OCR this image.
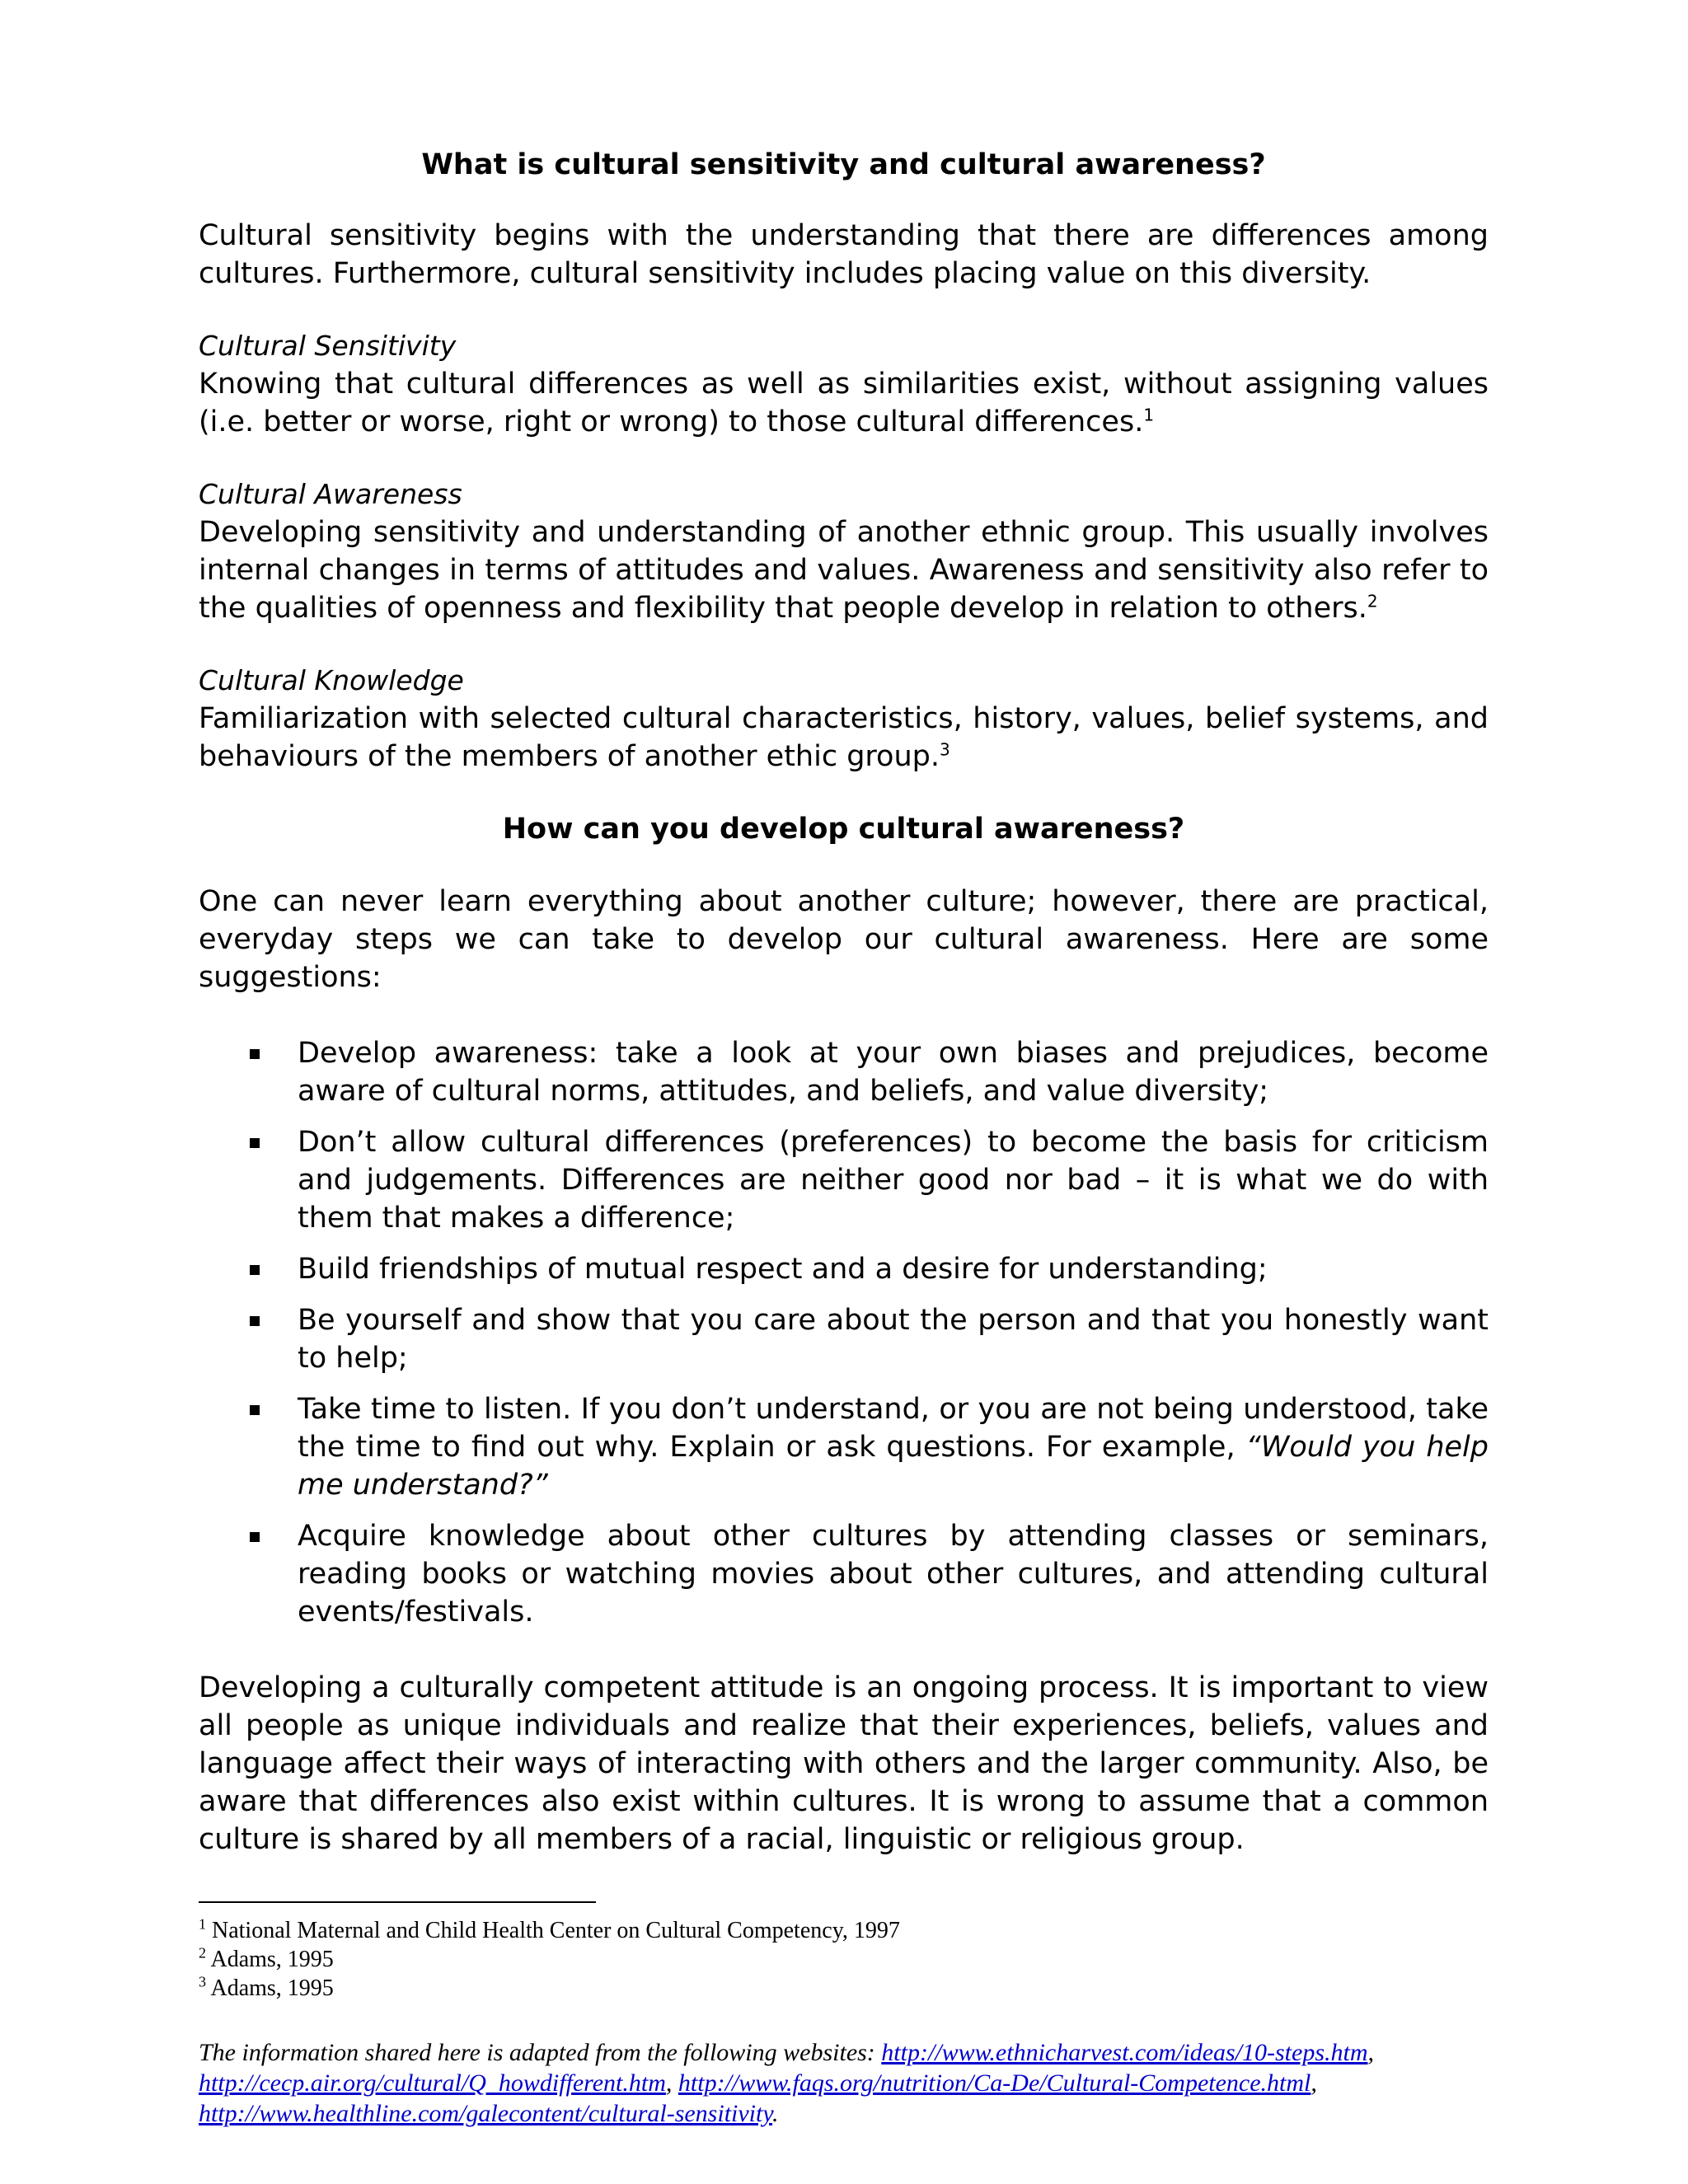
What is cultural sensitivity and cultural awareness?

Cultural sensitivity begins with the understanding that there are differences among cultures. Furthermore, cultural sensitivity includes placing value on this diversity.

Cultural Sensitivity

Knowing that cultural differences as well as similarities exist, without assigning values (i.e. better or worse, right or wrong) to those cultural differences.$^1$

Cultural Awareness

Developing sensitivity and understanding of another ethnic group. This usually involves internal changes in terms of attitudes and values. Awareness and sensitivity also refer to the qualities of openness and flexibility that people develop in relation to others.$^2$

Cultural Knowledge

Familiarization with selected cultural characteristics, history, values, belief systems, and behaviours of the members of another ethic group.$^3$

How can you develop cultural awareness?

One can never learn everything about another culture; however, there are practical, everyday steps we can take to develop our cultural awareness. Here are some suggestions:

Develop awareness: take a look at your own biases and prejudices, become aware of cultural norms, attitudes, and beliefs, and value diversity;
Don’t allow cultural differences (preferences) to become the basis for criticism and judgements. Differences are neither good nor bad – it is what we do with them that makes a difference;
Build friendships of mutual respect and a desire for understanding;
Be yourself and show that you care about the person and that you honestly want to help;
Take time to listen. If you don’t understand, or you are not being understood, take the time to find out why. Explain or ask questions. For example, “Would you help me understand?”
Acquire knowledge about other cultures by attending classes or seminars, reading books or watching movies about other cultures, and attending cultural events/festivals.

Developing a culturally competent attitude is an ongoing process. It is important to view all people as unique individuals and realize that their experiences, beliefs, values and language affect their ways of interacting with others and the larger community. Also, be aware that differences also exist within cultures. It is wrong to assume that a common culture is shared by all members of a racial, linguistic or religious group.

$^1$ National Maternal and Child Health Center on Cultural Competency, 1997
$^2$ Adams, 1995
$^3$ Adams, 1995
The information shared here is adapted from the following websites: http://www.ethnicharvest.com/ideas/10-steps.htm, http://cecp.air.org/cultural/Q_howdifferent.htm, http://www.faqs.org/nutrition/Ca-De/Cultural-Competence.html, http://www.healthline.com/galecontent/cultural-sensitivity.
